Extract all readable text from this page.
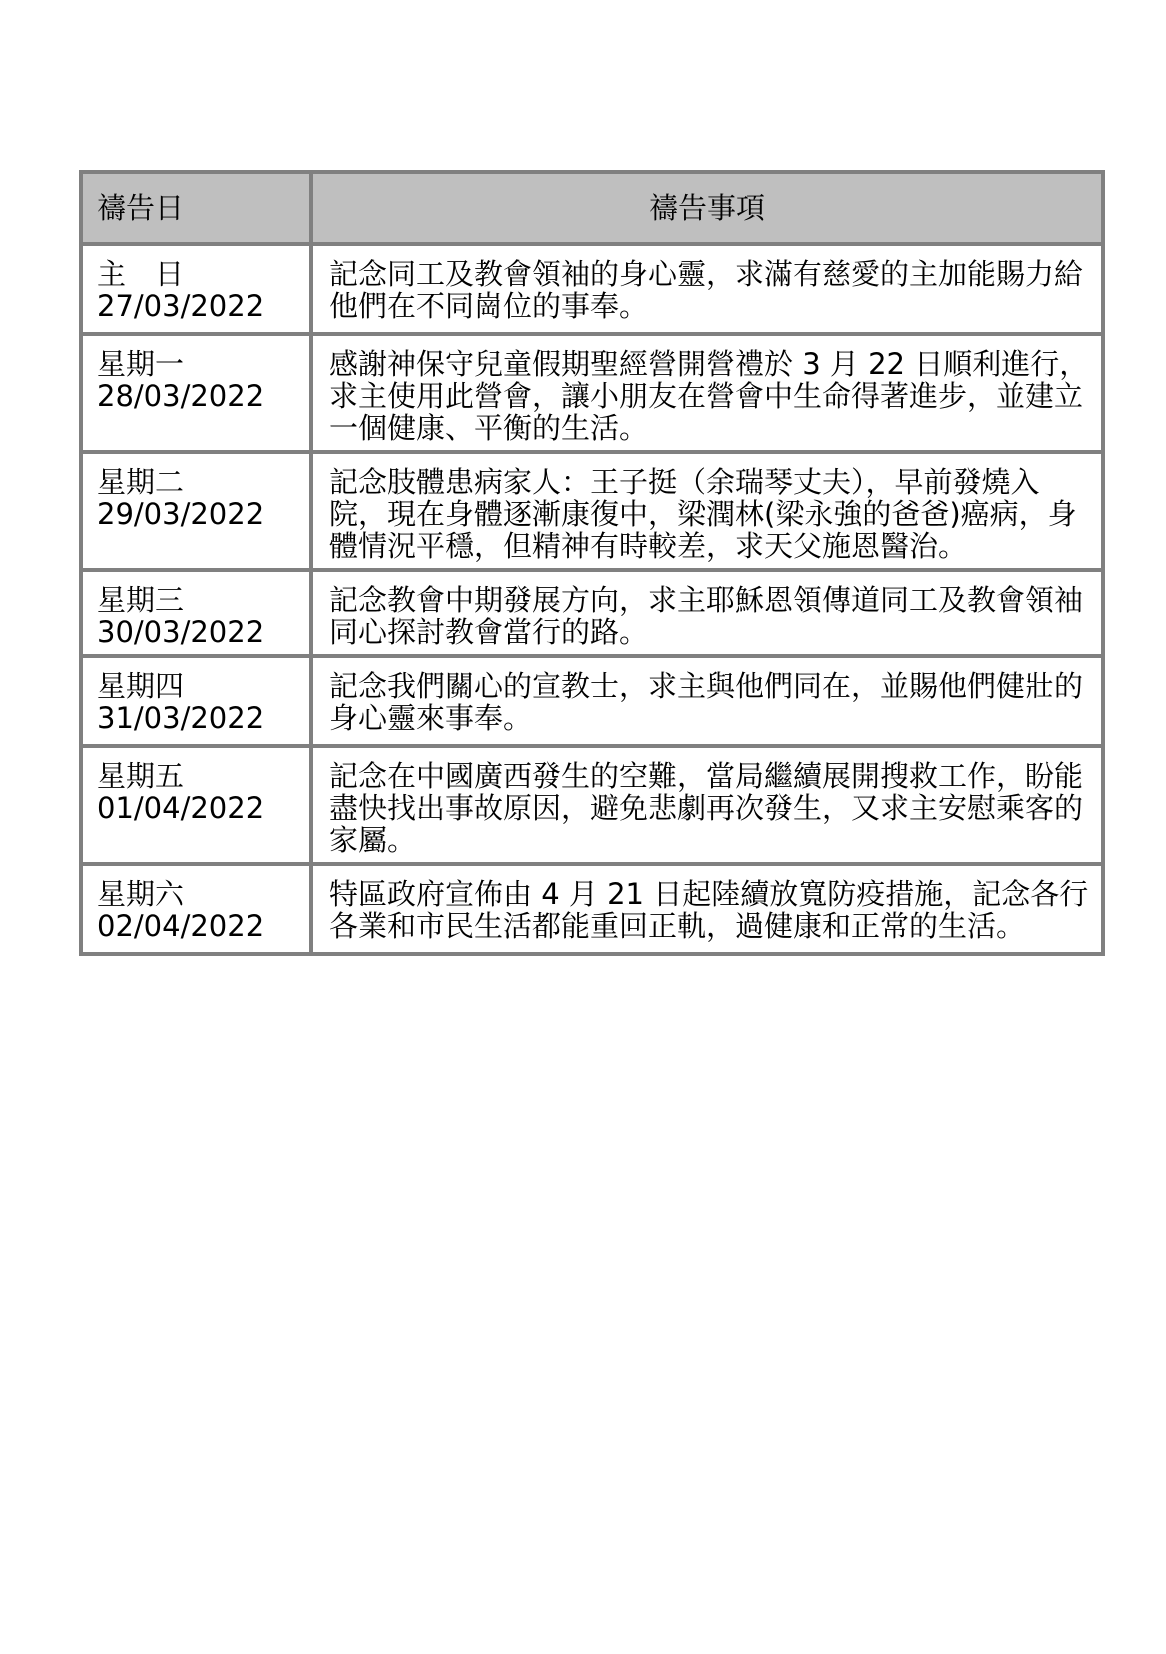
禱告日	禱告事項

主　日
27/03/2022	記念同工及教會領袖的身心靈，求滿有慈愛的主加能賜力給他們在不同崗位的事奉。

星期一
28/03/2022	感謝神保守兒童假期聖經營開營禮於 3 月 22 日順利進行，求主使用此營會，讓小朋友在營會中生命得著進步，並建立一個健康、平衡的生活。

星期二
29/03/2022	記念肢體患病家人：王子挺（余瑞琴丈夫），早前發燒入院，現在身體逐漸康復中，梁潤林(梁永強的爸爸)癌病，身體情況平穩，但精神有時較差，求天父施恩醫治。

星期三
30/03/2022	記念教會中期發展方向，求主耶穌恩領傳道同工及教會領袖同心探討教會當行的路。

星期四
31/03/2022	記念我們關心的宣教士，求主與他們同在，並賜他們健壯的身心靈來事奉。

星期五
01/04/2022	記念在中國廣西發生的空難，當局繼續展開搜救工作，盼能盡快找出事故原因，避免悲劇再次發生，又求主安慰乘客的家屬。

星期六
02/04/2022	特區政府宣佈由 4 月 21 日起陸續放寬防疫措施，記念各行各業和市民生活都能重回正軌，過健康和正常的生活。
